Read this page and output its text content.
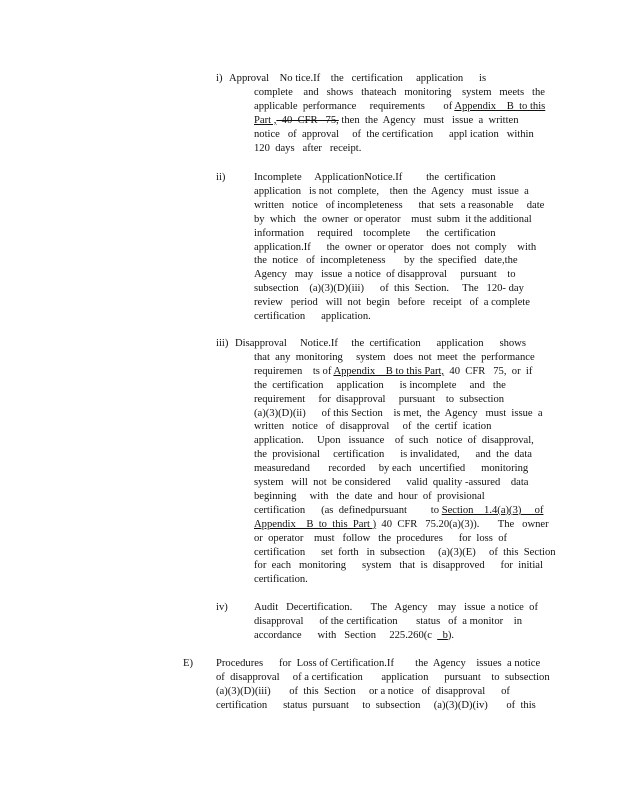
i) Approval    No tice.If    the   certification     application      is
complete    and   shows   thateach   monitoring    system   meets   the
applicable  performance     requirements       of Appendix    B  to this
Part ,  40  CFR   75, then  the  Agency   must   issue  a  written
notice   of  approval     of  the certification      appl ication   within
120  days   after   receipt.
ii)	Incomplete     ApplicationNotice.If         the  certification
application   is not  complete,    then  the  Agency   must  issue  a
written   notice   of incompleteness      that  sets  a reasonable     date
by  which   the  owner  or operator    must  subm  it the additional
information     required    tocomplete      the  certification
application.If      the  owner  or operator   does  not  comply    with
the  notice   of  incompleteness       by  the  specified   date,the
Agency   may   issue  a notice  of disapproval     pursuant    to
subsection    (a)(3)(D)(iii)      of  this  Section.     The   120- day
review   period   will  not  begin   before   receipt   of  a complete
certification      application.
iii) Disapproval     Notice.If     the  certification      application      shows
that  any  monitoring     system   does  not  meet  the  performance
requiremen    ts of Appendix    B to this Part,  40  CFR   75,  or  if
the  certification     application      is incomplete     and   the
requirement     for  disapproval     pursuant    to  subsection
(a)(3)(D)(ii)      of this Section    is met,  the  Agency   must  issue  a
written   notice   of  disapproval     of  the  certif  ication
application.     Upon   issuance    of  such   notice  of  disapproval,
the  provisional     certification      is invalidated,      and  the  data
measuredand       recorded     by each   uncertified      monitoring
system   will  not  be considered      valid  quality -assured    data
beginning     with   the  date  and  hour  of  provisional
certification      (as  definedpursuant         to Section    1.4(a)(3)     of
Appendix    B  to  this  Part )  40  CFR   75.20(a)(3)).       The   owner
or  operator    must   follow   the  procedures      for  loss  of
certification      set  forth   in  subsection     (a)(3)(E)     of  this  Section
for  each   monitoring      system   that  is  disapproved      for  initial
certification.
iv) Audit   Decertification.       The   Agency    may   issue  a notice  of
disapproval      of the certification       status   of  a monitor    in
accordance      with   Section     225.260(c  _b).
E) Procedures      for  Loss of Certification.If        the  Agency    issues  a notice
of  disapproval     of a certification       application      pursuant    to  subsection
(a)(3)(D)(iii)       of  this  Section     or a notice   of  disapproval      of
certification      status  pursuant     to  subsection     (a)(3)(D)(iv)       of  this
